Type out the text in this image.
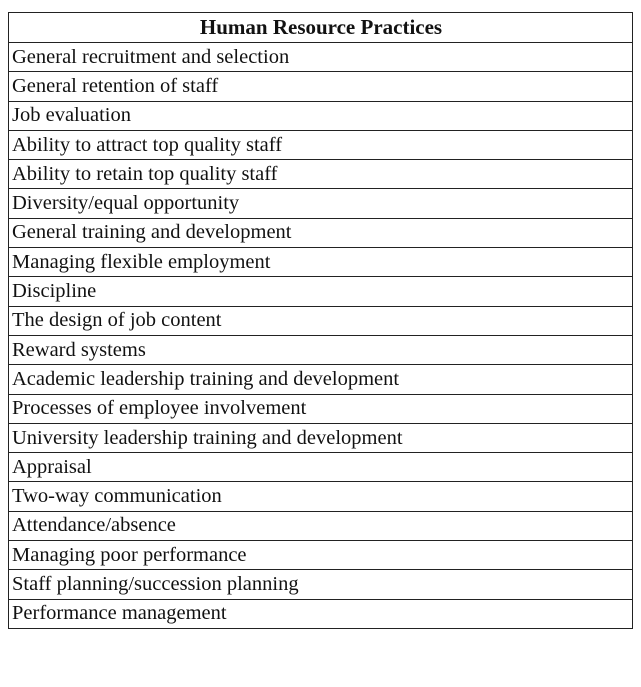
Human Resource Practices
General recruitment and selection
General retention of staff
Job evaluation
Ability to attract top quality staff
Ability to retain top quality staff
Diversity/equal opportunity
General training and development
Managing flexible employment
Discipline
The design of job content
Reward systems
Academic leadership training and development
Processes of employee involvement
University leadership training and development
Appraisal
Two-way communication
Attendance/absence
Managing poor performance
Staff planning/succession planning
Performance management
